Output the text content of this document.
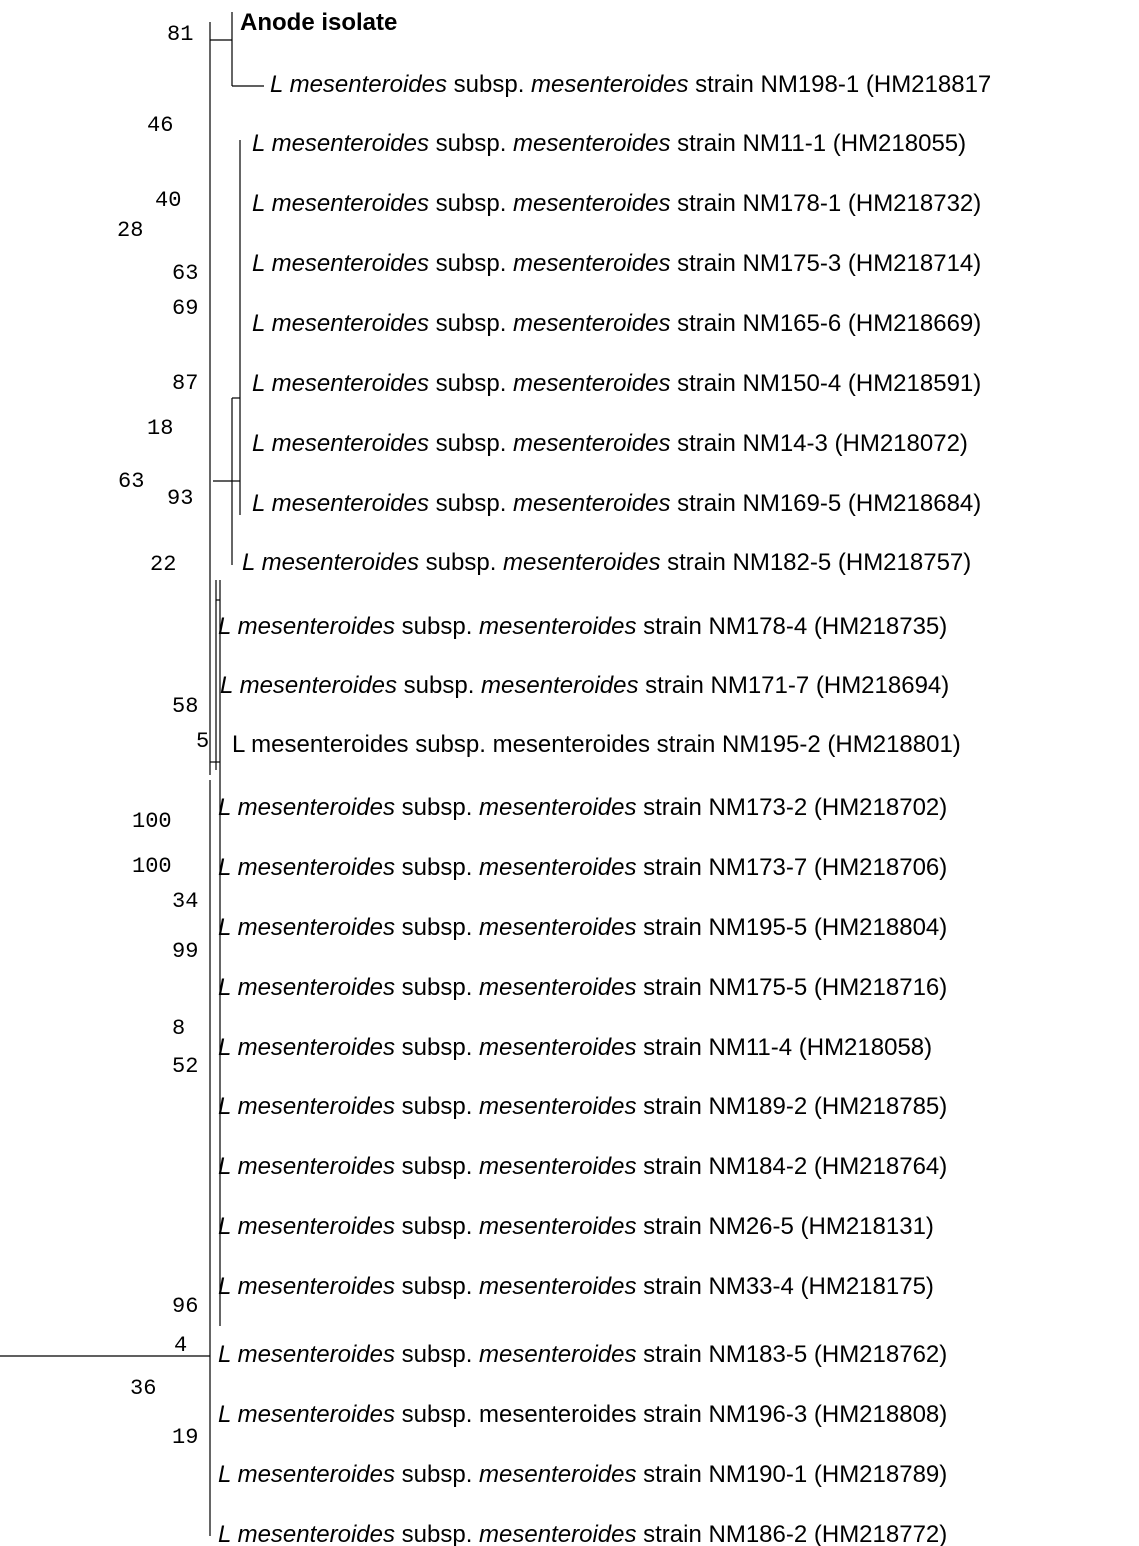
81
46
40
28
63
69
87
18
63
93
22
58
5
100
100
34
99
8
52
96
4
36
19
Anode isolate
L mesenteroides subsp. mesenteroides strain NM198-1 (HM218817
L mesenteroides subsp. mesenteroides strain NM11-1 (HM218055)
L mesenteroides subsp. mesenteroides strain NM178-1 (HM218732)
L mesenteroides subsp. mesenteroides strain NM175-3 (HM218714)
L mesenteroides subsp. mesenteroides strain NM165-6 (HM218669)
L mesenteroides subsp. mesenteroides strain NM150-4 (HM218591)
L mesenteroides subsp. mesenteroides strain NM14-3 (HM218072)
L mesenteroides subsp. mesenteroides strain NM169-5 (HM218684)
L mesenteroides subsp. mesenteroides strain NM182-5 (HM218757)
L mesenteroides subsp. mesenteroides strain NM178-4 (HM218735)
L mesenteroides subsp. mesenteroides strain NM171-7 (HM218694)
L mesenteroides subsp. mesenteroides strain NM195-2 (HM218801)
L mesenteroides subsp. mesenteroides strain NM173-2 (HM218702)
L mesenteroides subsp. mesenteroides strain NM173-7 (HM218706)
L mesenteroides subsp. mesenteroides strain NM195-5 (HM218804)
L mesenteroides subsp. mesenteroides strain NM175-5 (HM218716)
L mesenteroides subsp. mesenteroides strain NM11-4 (HM218058)
L mesenteroides subsp. mesenteroides strain NM189-2 (HM218785)
L mesenteroides subsp. mesenteroides strain NM184-2 (HM218764)
L mesenteroides subsp. mesenteroides strain NM26-5 (HM218131)
L mesenteroides subsp. mesenteroides strain NM33-4 (HM218175)
L mesenteroides subsp. mesenteroides strain NM183-5 (HM218762)
L mesenteroides subsp. mesenteroides strain NM196-3 (HM218808)
L mesenteroides subsp. mesenteroides strain NM190-1 (HM218789)
L mesenteroides subsp. mesenteroides strain NM186-2 (HM218772)
